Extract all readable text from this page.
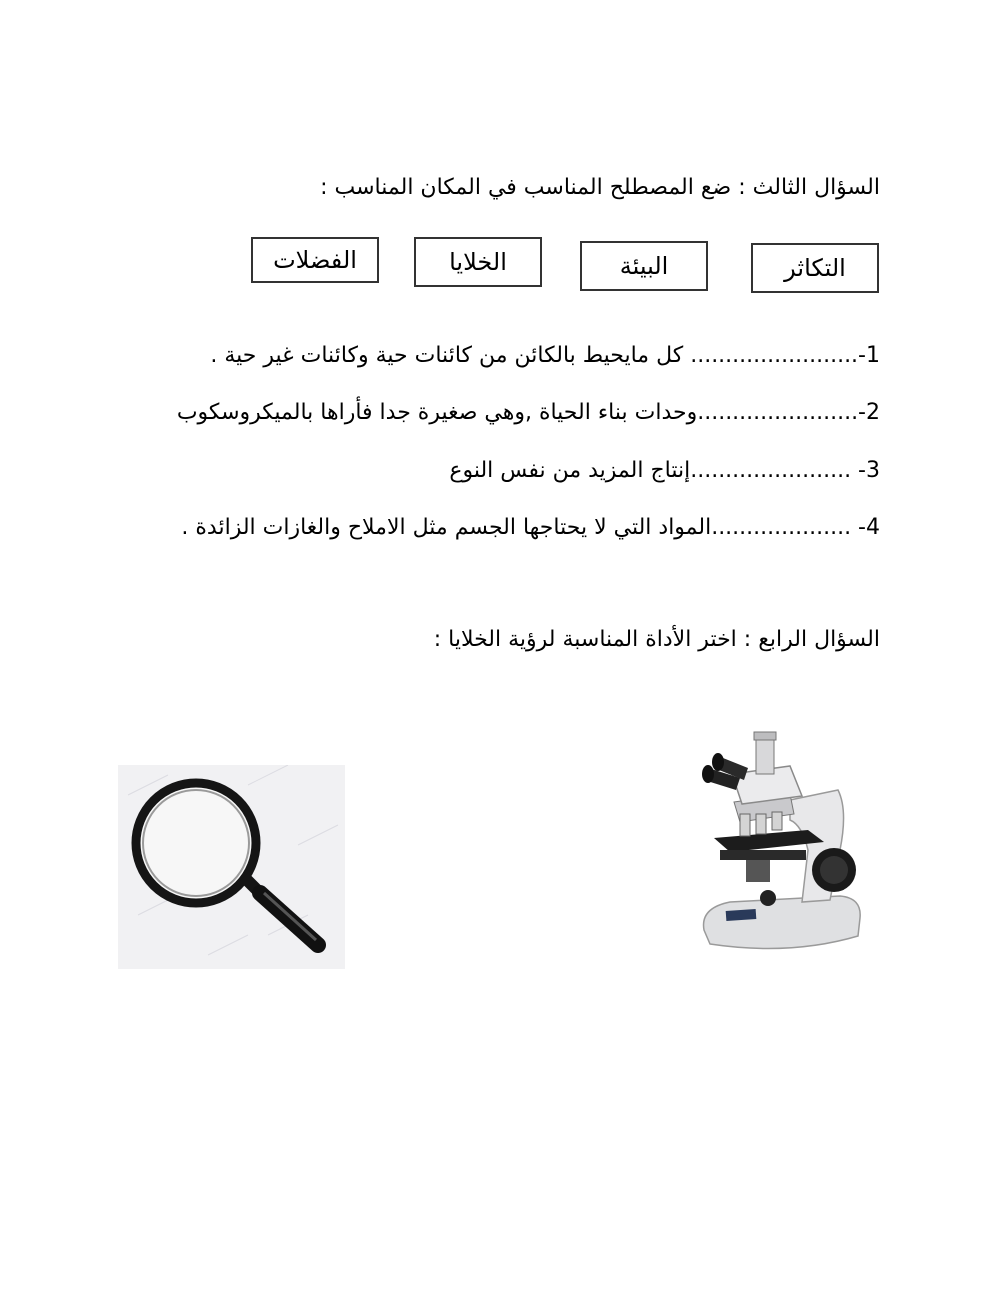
السؤال الثالث : ضع المصطلح المناسب في المكان المناسب :
التكاثر
البيئة
الخلايا
الفضلات
1-........................ كل مايحيط بالكائن من كائنات حية وكائنات غير حية .
2-.......................وحدات بناء الحياة ,وهي صغيرة جدا فأراها بالميكروسكوب
3- .......................إنتاج المزيد من نفس النوع
4- ....................المواد التي لا يحتاجها الجسم مثل الاملاح والغازات الزائدة .
السؤال الرابع : اختر الأداة المناسبة لرؤية الخلايا :
